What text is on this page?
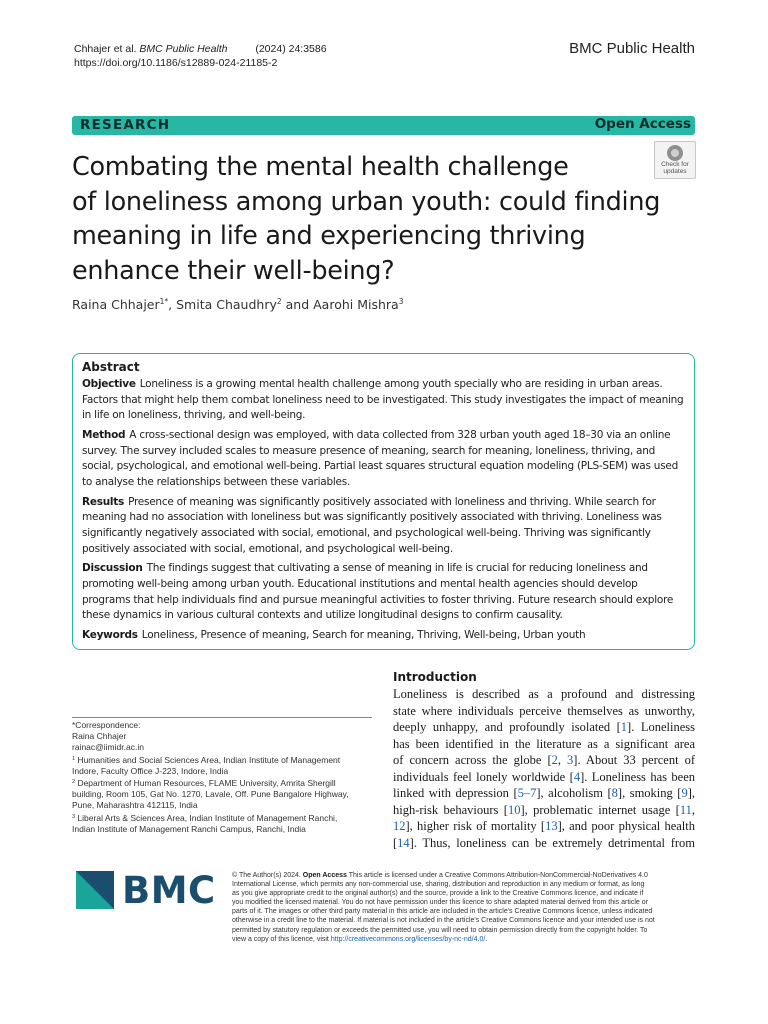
Chhajer et al. BMC Public Health	(2024) 24:3586
https://doi.org/10.1186/s12889-024-21185-2
BMC Public Health
RESEARCH	Open Access
Combating the mental health challenge
of loneliness among urban youth: could finding
meaning in life and experiencing thriving
enhance their well-being?
Check for
updates
Raina Chhajer$^{1*}$, Smita Chaudhry$^2$ and Aarohi Mishra$^3$
Abstract

Objective Loneliness is a growing mental health challenge among youth specially who are residing in urban areas. Factors that might help them combat loneliness need to be investigated. This study investigates the impact of meaning in life on loneliness, thriving, and well-being.

Method A cross-sectional design was employed, with data collected from 328 urban youth aged 18–30 via an online survey. The survey included scales to measure presence of meaning, search for meaning, loneliness, thriving, and social, psychological, and emotional well-being. Partial least squares structural equation modeling (PLS-SEM) was used to analyse the relationships between these variables.

Results Presence of meaning was significantly positively associated with loneliness and thriving. While search for meaning had no association with loneliness but was significantly positively associated with thriving. Loneliness was significantly negatively associated with social, emotional, and psychological well-being. Thriving was significantly positively associated with social, emotional, and psychological well-being.

Discussion The findings suggest that cultivating a sense of meaning in life is crucial for reducing loneliness and promoting well-being among urban youth. Educational institutions and mental health agencies should develop programs that help individuals find and pursue meaningful activities to foster thriving. Future research should explore these dynamics in various cultural contexts and utilize longitudinal designs to confirm causality.

Keywords Loneliness, Presence of meaning, Search for meaning, Thriving, Well-being, Urban youth

*Correspondence:
Raina Chhajer
rainac@iimidr.ac.in
$^1$ Humanities and Social Sciences Area, Indian Institute of Management
Indore, Faculty Office J-223, Indore, India
$^2$ Department of Human Resources, FLAME University, Amrita Shergill
building, Room 105, Gat No. 1270, Lavale, Off. Pune Bangalore Highway,
Pune, Maharashtra 412115, India
$^3$ Liberal Arts & Sciences Area, Indian Institute of Management Ranchi,
Indian Institute of Management Ranchi Campus, Ranchi, India
Introduction
Loneliness is described as a profound and distressing
state where individuals perceive themselves as unworthy,
deeply unhappy, and profoundly isolated [1]. Loneliness
has been identified in the literature as a significant area
of concern across the globe [2, 3]. About 33 percent of
individuals feel lonely worldwide [4]. Loneliness has been
linked with depression [5–7], alcoholism [8], smoking [9],
high-risk behaviours [10], problematic internet usage [11,
12], higher risk of mortality [13], and poor physical health
[14]. Thus, loneliness can be extremely detrimental from
BMC © The Author(s) 2024. Open Access This article is licensed under a Creative Commons Attribution-NonCommercial-NoDerivatives 4.0
International License, which permits any non-commercial use, sharing, distribution and reproduction in any medium or format, as long
as you give appropriate credit to the original author(s) and the source, provide a link to the Creative Commons licence, and indicate if
you modified the licensed material. You do not have permission under this licence to share adapted material derived from this article or
parts of it. The images or other third party material in this article are included in the article's Creative Commons licence, unless indicated
otherwise in a credit line to the material. If material is not included in the article's Creative Commons licence and your intended use is not
permitted by statutory regulation or exceeds the permitted use, you will need to obtain permission directly from the copyright holder. To
view a copy of this licence, visit http://creativecommons.org/licenses/by-nc-nd/4.0/.
